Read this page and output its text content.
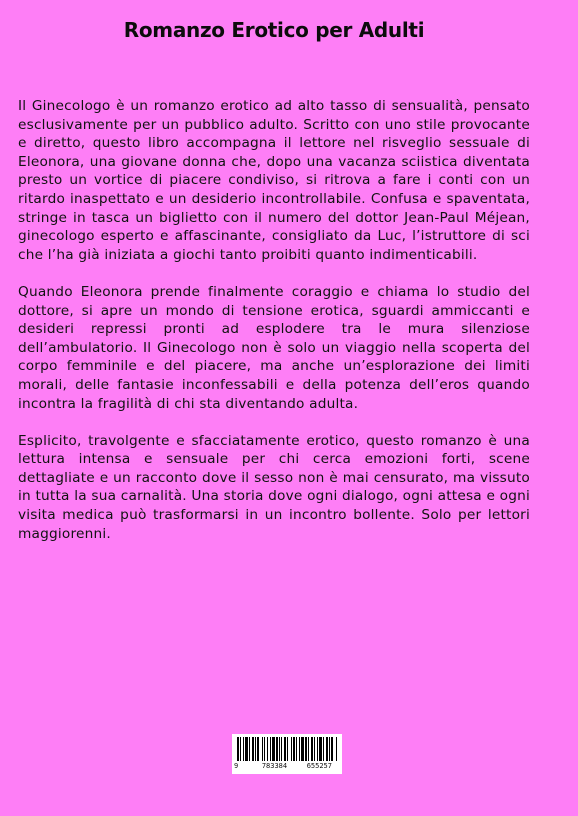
Romanzo Erotico per Adulti

Il Ginecologo è un romanzo erotico ad alto tasso di sensualità, pensato esclusivamente per un pubblico adulto. Scritto con uno stile provocante e diretto, questo libro accompagna il lettore nel risveglio sessuale di Eleonora, una giovane donna che, dopo una vacanza sciistica diventata presto un vortice di piacere condiviso, si ritrova a fare i conti con un ritardo inaspettato e un desiderio incontrollabile. Confusa e spaventata, stringe in tasca un biglietto con il numero del dottor Jean-Paul Méjean, ginecologo esperto e affascinante, consigliato da Luc, l’istruttore di sci che l’ha già iniziata a giochi tanto proibiti quanto indimenticabili.

Quando Eleonora prende finalmente coraggio e chiama lo studio del dottore, si apre un mondo di tensione erotica, sguardi ammiccanti e desideri repressi pronti ad esplodere tra le mura silenziose dell’ambulatorio. Il Ginecologo non è solo un viaggio nella scoperta del corpo femminile e del piacere, ma anche un’esplorazione dei limiti morali, delle fantasie inconfessabili e della potenza dell’eros quando incontra la fragilità di chi sta diventando adulta.

Esplicito, travolgente e sfacciatamente erotico, questo romanzo è una lettura intensa e sensuale per chi cerca emozioni forti, scene dettagliate e un racconto dove il sesso non è mai censurato, ma vissuto in tutta la sua carnalità. Una storia dove ogni dialogo, ogni attesa e ogni visita medica può trasformarsi in un incontro bollente. Solo per lettori maggiorenni.

9	783384	655257
